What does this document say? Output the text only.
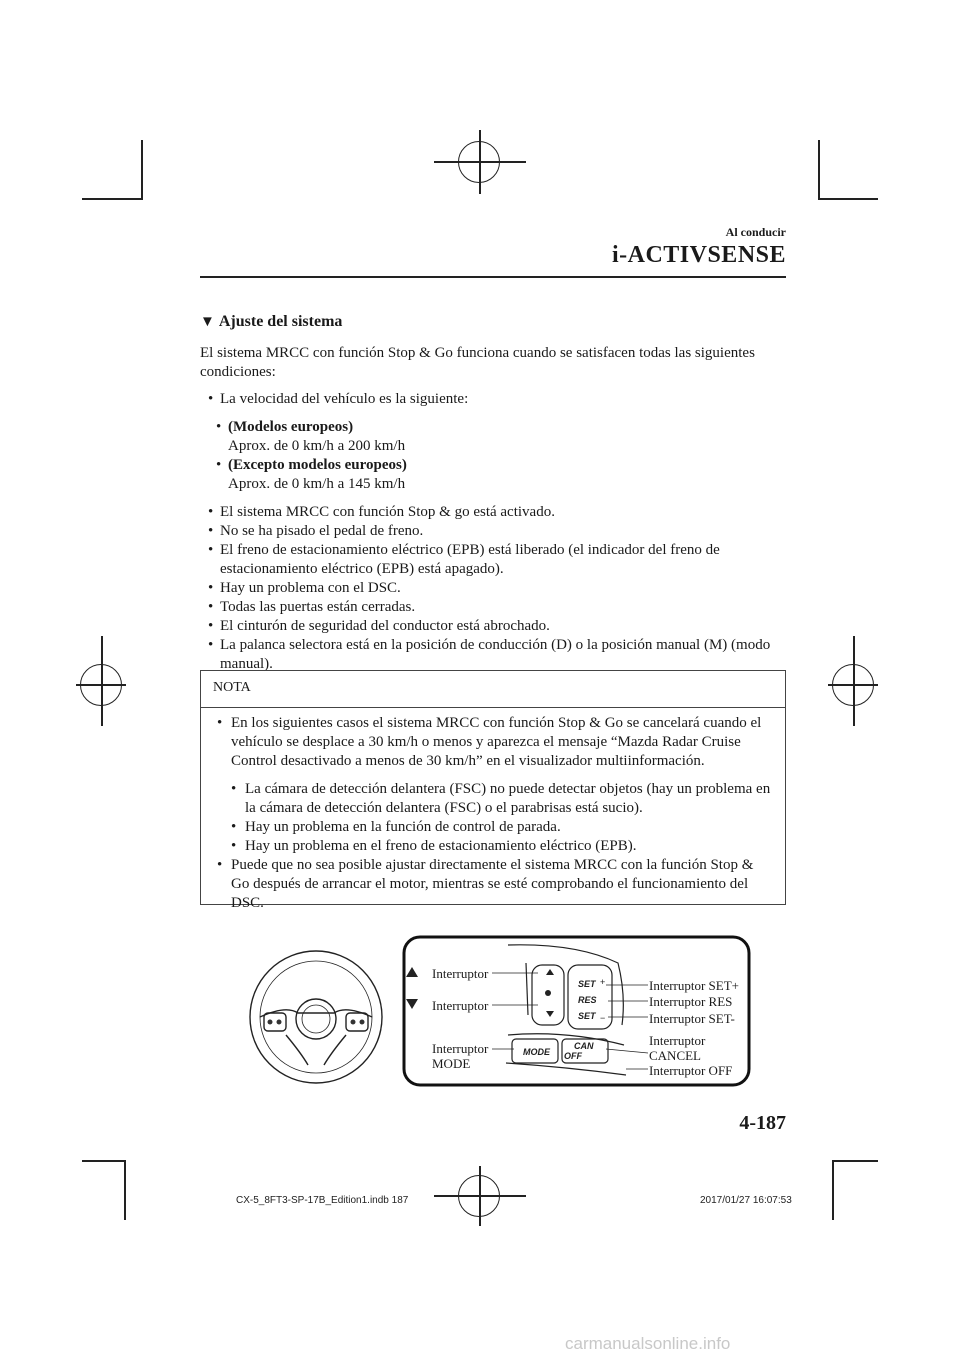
Al conducir
i-ACTIVSENSE
▼ Ajuste del sistema

El sistema MRCC con función Stop & Go funciona cuando se satisfacen todas las siguientes condiciones:

• La velocidad del vehículo es la siguiente:
• (Modelos europeos)
Aprox. de 0 km/h a 200 km/h
• (Excepto modelos europeos)
Aprox. de 0 km/h a 145 km/h
• El sistema MRCC con función Stop & go está activado.
• No se ha pisado el pedal de freno.
• El freno de estacionamiento eléctrico (EPB) está liberado (el indicador del freno de estacionamiento eléctrico (EPB) está apagado).
• Hay un problema con el DSC.
• Todas las puertas están cerradas.
• El cinturón de seguridad del conductor está abrochado.
• La palanca selectora está en la posición de conducción (D) o la posición manual (M) (modo manual).
NOTA
• En los siguientes casos el sistema MRCC con función Stop & Go se cancelará cuando el vehículo se desplace a 30 km/h o menos y aparezca el mensaje “Mazda Radar Cruise Control desactivado a menos de 30 km/h” en el visualizador multiinformación.
• La cámara de detección delantera (FSC) no puede detectar objetos (hay un problema en la cámara de detección delantera (FSC) o el parabrisas está sucio).
• Hay un problema en la función de control de parada.
• Hay un problema en el freno de estacionamiento eléctrico (EPB).
• Puede que no sea posible ajustar directamente el sistema MRCC con la función Stop & Go después de arrancar el motor, mientras se esté comprobando el funcionamiento del DSC.
SET
RES
SET
MODE
CAN
OFF
+
−
Interruptor
Interruptor
Interruptor
MODE
Interruptor SET+
Interruptor RES
Interruptor SET-
Interruptor
CANCEL
Interruptor OFF
4-187
CX-5_8FT3-SP-17B_Edition1.indb 187	2017/01/27 16:07:53
carmanualsonline.info
